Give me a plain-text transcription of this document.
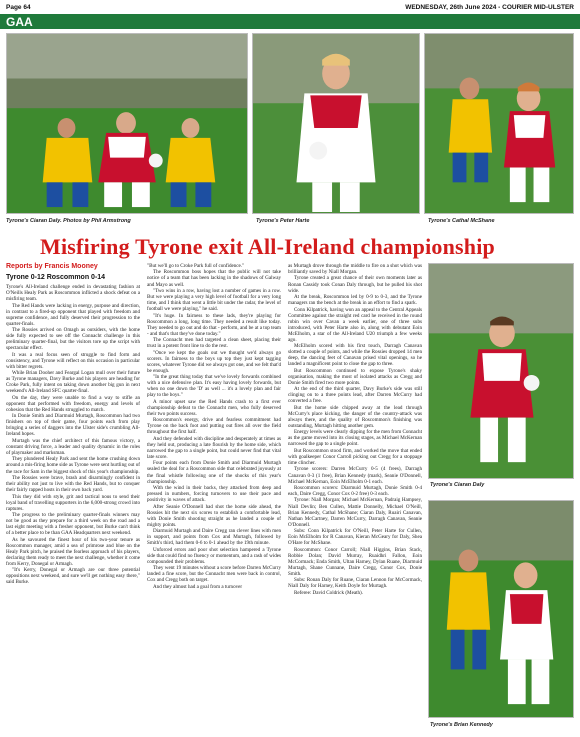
Page 64	WEDNESDAY, 26th June 2024 - COURIER MID-ULSTER
GAA
Tyrone's Ciaran Daly. Photos by Phil Armstrong	Tyrone's Peter Harte	Tyrone's Cathal McShane
Misfiring Tyrone exit All-Ireland championship
Reports by Francis Mooney
Tyrone 0-12 Roscommon 0-14

Tyrone's All-Ireland challenge ended in devastating fashion at O'Neills Healy Park as Roscommon inflicted a shock defeat on a misfiring team.

The Red Hands were lacking in energy, purpose and direction, in contrast to a fired-up opponent that played with freedom and supreme confidence, and fully deserved their progression to the quarter-finals.

The Rossies arrived on Omagh as outsiders, with the home side fully expected to see off the Connacht challenge in this preliminary quarter-final, but the visitors tore up the script with spectacular effect.

It was a real focus seen of struggle to find form and consistency, and Tyrone will reflect on this occasion in particular with bitter regrets.

While Brian Dooher and Feargal Logan mull over their future as Tyrone managers, Davy Burke and his players are heading for Croke Park, fully intent on taking down another big gun in next weekend's All-Ireland SFC quarter-final.

On the day, they were unable to find a way to stifle an opponent that performed with freedom, energy and levels of cohesion that the Red Hands struggled to match.

In Donie Smith and Diarmuid Murtagh, Roscommon had two finishers on top of their game, four points each from play bringing a series of daggers into the Ulster side's crumbling All-Ireland hopes.

Murtagh was the chief architect of this famous victory, a constant driving force, a leader and quality dynamic in the roles of playmaker and marksman.

They plundered Healy Park and sent the home crushing down around a mis-firing home side as Tyrone were sent hurtling out of the race for Sam in the biggest shock of this year's championship.

The Rossies were brave, brash and disarmingly confident in their ability not just to live with the Red Hands, but to conquer their fairly rapped hosts in their own back yard.

This they did with style, grit and tactical nous to send their loyal band of travelling supporters in the 6,000-strong crowd into raptures.

The progress to the preliminary quarter-finals winners may not be good as they prepare for a third week on the road and a last eight meeting with a fresher opponent, but Burke can't think of a better place to be than GAA Headquarters next weekend.

As he savoured the finest hour of his two-year tenure as Roscommon manager, amid a sea of primrose and blue on the Healy Park pitch, he praised the fearless approach of his players, declaring them ready to meet the next challenge, whether it come from Kerry, Donegal or Armagh.

"It's Kerry, Donegal or Armagh are our three potential oppositions next weekend, and sure we'll get nothing easy there," said Burke.

"But we'll go to Croke Park full of confidence."

The Roscommon boss hopes that the public will not take notice of a team that has been lacking in the shadows of Galway and Mayo as well.

"Two wins in a row, having lost a number of games in a row. But we were playing a very high level of football for a very long time, and I think that went a little bit under the radar, the level of football we were playing," he said.

"It's huge. In fairness to these lads, they're playing for Roscommon a long, long time. They needed a result like today. They needed to go out and do that - perform, and be at a top team - and that's that they've done today."

The Connacht men had targeted a clean sheet, placing their trust in a potent front line to do the rest.

"Once we kept the goals out we thought we'd always go scorers. In fairness to the boys up top they just kept tagging scores, whatever Tyrone did we always got one, and we felt that'd be enough.

"In the great thing today that we've lovely forwards combined with a nice defensive plan. It's easy having lovely forwards, but when no one down the 'D' as well ... it's a lovely plan and fair play to the boys."

A minor upset saw the Red Hands crash to a first ever championship defeat to the Connacht men, who fully deserved their two points success.

Roscommon's energy, drive and fearless commitment had Tyrone on the back foot and putting out fires all over the field throughout the first half.

And they defended with discipline and desperately at times as they held out, producing a late flourish by the home side, which narrowed the gap to a single point, but could never find that vital late score.

Four points each from Donie Smith and Diarmuid Murtagh sealed the deal for a Roscommon side that celebrated joyously at the final whistle following one of the shocks of this year's championship.

With the wind in their backs, they attacked from deep and pressed in numbers, forcing turnovers to use their pace and positivity in waves of attack.

After Seanie O'Donnell had shot the home side ahead, the Rossies hit the next six scores to establish a comfortable lead, with Donie Smith shooting straight as he landed a couple of mighty points.

Diarmuid Murtagh and Daire Cregg ran clever lines with men in support, and points from Cox and Murtagh, followed by Smith's third, had them 0-6 to 0-1 ahead by the 19th minute.

Unforced errors and poor shot selection hampered a Tyrone side that could find no fluency or momentum, and a rash of wides compounded their problems.

They went 19 minutes without a score before Darren McCurry landed a fine score, but the Connacht men were back in control, Cox and Cregg both on target.

And they almost had a goal from a turnover

as Murtagh drove through the middle to fire on a shot which was brilliantly saved by Niall Morgan.

Tyrone created a great chance of their own moments later as Ronan Cassidy took Conan Daly through, but he pulled his shot wide.

At the break, Roscommon led by 0-9 to 0-3, and the Tyrone managers ran the bench at the break in an effort to find a spark.

Conn Kilpatrick, having won an appeal to the Central Appeals Committee against the straight red card he received in the round robin win over Cavan a week earlier, one of three subs introduced, with Peter Harte also in, along with debutant Eoin McElholm, a star of the All-Ireland U20 triumph a few weeks ago.

McElholm scored with his first touch, Darragh Canavan slotted a couple of points, and while the Rossies dropped 14 men deep, the dancing feet of Canavan prised vital openings, so he landed a magnificent point to close the gap to three.

But Roscommon continued to expose Tyrone's shaky organisation, making the most of isolated attacks as Cregg and Donie Smith fired two more points.

At the end of the third quarter, Davy Burke's side was still clinging on to a three points lead, after Darren McCurry had converted a free.

But the home side chipped away at the lead through McCurry's place kicking, the danger of the country-attack was always there, and the quality of Roscommon's finishing was outstanding, Murtagh hitting another gem.

Energy levels were clearly dipping for the men from Connacht as the game moved into its closing stages, as Michael McKernan narrowed the gap to a single point.

But Roscommon stood firm, and worked the move that ended with goalkeeper Conor Carroll picking out Cregg for a stoppage time clincher.

Tyrone scorers: Darren McCurry 0-5 (4 frees), Darragh Canavan 0-3 (1 free), Brian Kennedy (mark), Seanie O'Donnell, Michael McKernan, Eoin McElholm 0-1 each.

Roscommon scorers: Diarmuid Murtagh, Donie Smith 0-4 each, Daire Cregg, Conor Cox 0-2 free) 0-3 each.

Tyrone: Niall Morgan; Michael McKernan, Padraig Hampsey, Niall Devlin; Ben Cullen, Mattie Donnelly, Michael O'Neill, Brian Kennedy, Cathal McShane; Ciaran Daly, Ruairi Canavan, Nathan McCartney, Darren McCurry, Darragh Canavan, Seanie O'Donnell.

Subs: Conn Kilpatrick for O'Neill, Peter Harte for Cullen, Eoin McElholm for R Canavan, Kieran McGeary for Daly, Shea O'Hare for McShane.

Roscommon: Conor Carroll; Niall Higgins, Brian Stack, Robbie Dolan; David Murray, Ruaidhri Fallon, Eoin McCormack; Enda Smith, Ultan Harney, Dylan Ruane, Diarmuid Murtagh, Shane Cunnane, Daire Cregg, Conor Cox, Donie Smith.

Subs: Ronan Daly for Ruane, Ciaran Lennon for McCormack, Niall Daly for Harney, Keith Doyle for Murtagh.

Referee: David Coldrick (Meath).

Tyrone's Ciaran Daly
Tyrone's Brian Kennedy
